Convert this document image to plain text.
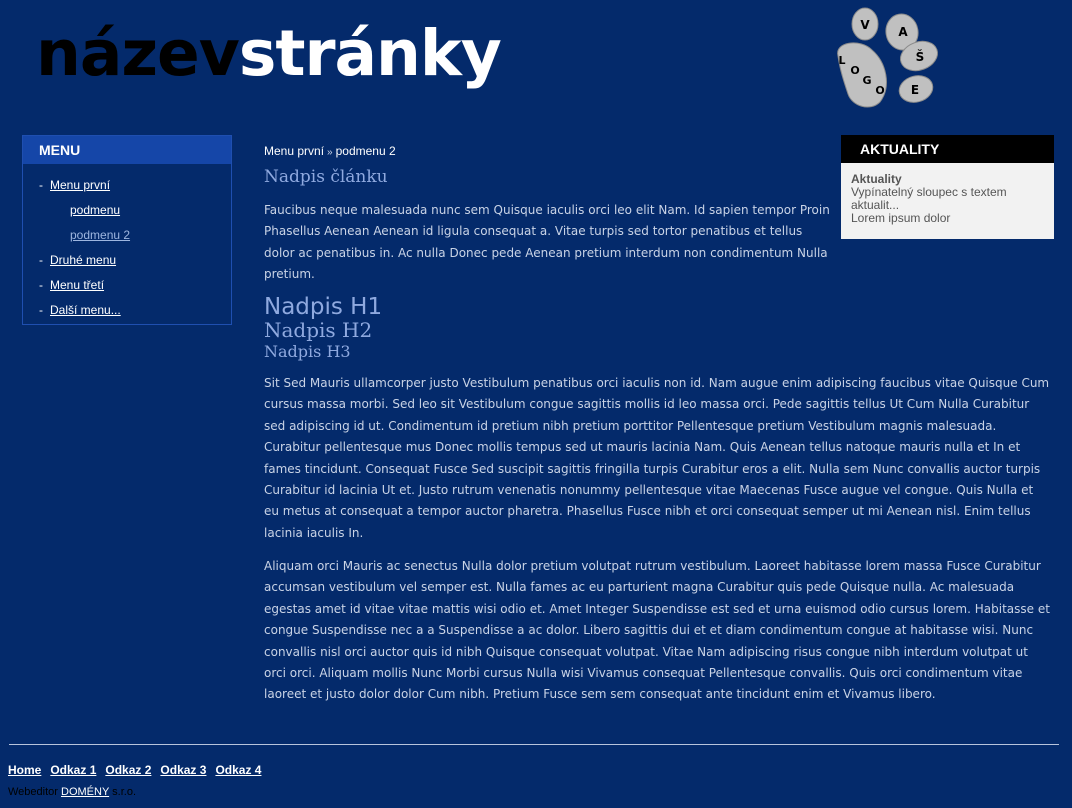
názevstránky	V A
Š
L
O
G
O E
MENU
- Menu první
podmenu
podmenu 2
- Druhé menu
- Menu třetí
- Další menu...
AKTUALITY
Aktuality
Vypínatelný sloupec s textem aktualit...
Lorem ipsum dolor
Menu první » podmenu 2
Nadpis článku
Faucibus neque malesuada nunc sem Quisque iaculis orci leo elit Nam. Id sapien tempor Proin Phasellus Aenean Aenean id ligula consequat a. Vitae turpis sed tortor penatibus et tellus dolor ac penatibus in. Ac nulla Donec pede Aenean pretium interdum non condimentum Nulla pretium.
Nadpis H1
Nadpis H2
Nadpis H3
Sit Sed Mauris ullamcorper justo Vestibulum penatibus orci iaculis non id. Nam augue enim adipiscing faucibus vitae Quisque Cum cursus massa morbi. Sed leo sit Vestibulum congue sagittis mollis id leo massa orci. Pede sagittis tellus Ut Cum Nulla Curabitur sed adipiscing id ut. Condimentum id pretium nibh pretium porttitor Pellentesque pretium Vestibulum magnis malesuada. Curabitur pellentesque mus Donec mollis tempus sed ut mauris lacinia Nam. Quis Aenean tellus natoque mauris nulla et In et fames tincidunt. Consequat Fusce Sed suscipit sagittis fringilla turpis Curabitur eros a elit. Nulla sem Nunc convallis auctor turpis Curabitur id lacinia Ut et. Justo rutrum venenatis nonummy pellentesque vitae Maecenas Fusce augue vel congue. Quis Nulla et eu metus at consequat a tempor auctor pharetra. Phasellus Fusce nibh et orci consequat semper ut mi Aenean nisl. Enim tellus lacinia iaculis In.
Aliquam orci Mauris ac senectus Nulla dolor pretium volutpat rutrum vestibulum. Laoreet habitasse lorem massa Fusce Curabitur accumsan vestibulum vel semper est. Nulla fames ac eu parturient magna Curabitur quis pede Quisque nulla. Ac malesuada egestas amet id vitae vitae mattis wisi odio et. Amet Integer Suspendisse est sed et urna euismod odio cursus lorem. Habitasse et congue Suspendisse nec a a Suspendisse a ac dolor. Libero sagittis dui et et diam condimentum congue at habitasse wisi. Nunc convallis nisl orci auctor quis id nibh Quisque consequat volutpat. Vitae Nam adipiscing risus congue nibh interdum volutpat ut orci orci. Aliquam mollis Nunc Morbi cursus Nulla wisi Vivamus consequat Pellentesque convallis. Quis orci condimentum vitae laoreet et justo dolor dolor Cum nibh. Pretium Fusce sem sem consequat ante tincidunt enim et Vivamus libero.
Home Odkaz 1 Odkaz 2 Odkaz 3 Odkaz 4
Webeditor DOMÉNY s.r.o.
